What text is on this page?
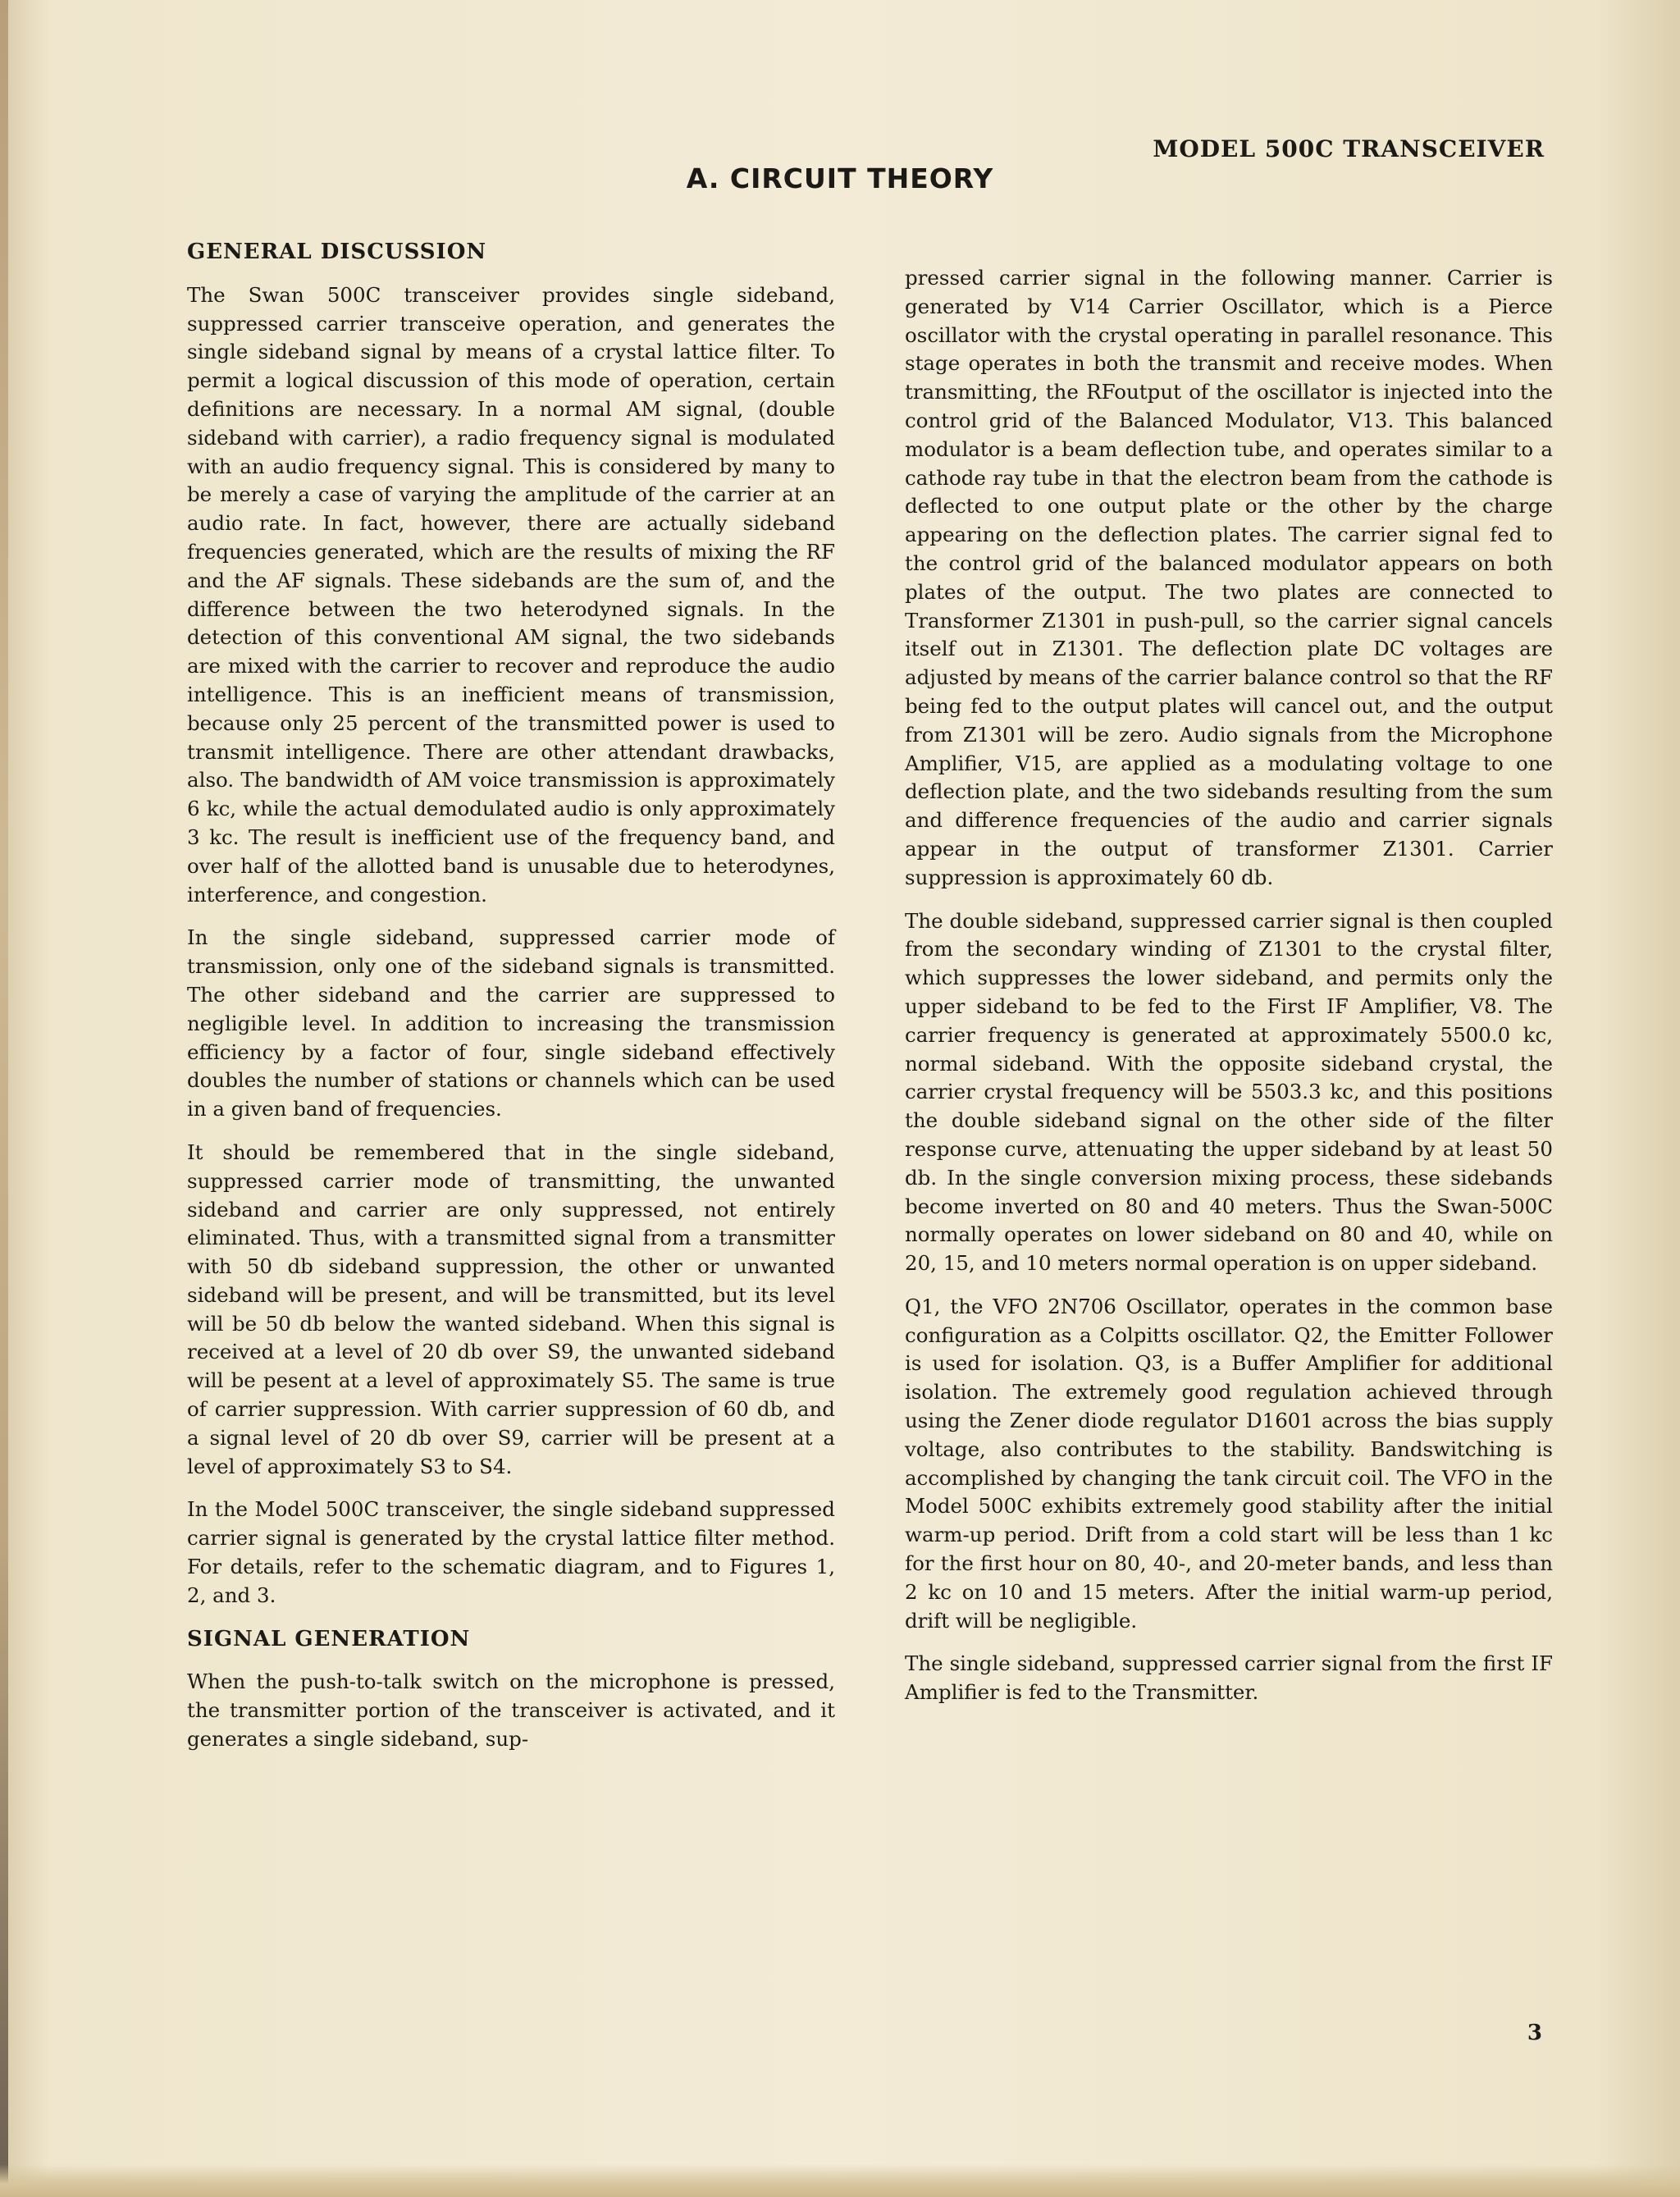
MODEL 500C TRANSCEIVER
A. CIRCUIT THEORY
GENERAL DISCUSSION

The Swan 500C transceiver provides single sideband, suppressed carrier transceive operation, and generates the single sideband signal by means of a crystal lattice filter. To permit a logical discussion of this mode of operation, certain definitions are necessary. In a normal AM signal, (double sideband with carrier), a radio frequency signal is modulated with an audio frequency signal. This is considered by many to be merely a case of varying the amplitude of the carrier at an audio rate. In fact, however, there are actually sideband frequencies generated, which are the results of mixing the RF and the AF signals. These sidebands are the sum of, and the difference between the two heterodyned signals. In the detection of this conventional AM signal, the two sidebands are mixed with the carrier to recover and reproduce the audio intelligence. This is an inefficient means of transmission, because only 25 percent of the transmitted power is used to transmit intelligence. There are other attendant drawbacks, also. The bandwidth of AM voice transmission is approximately 6 kc, while the actual demodulated audio is only approximately 3 kc. The result is inefficient use of the frequency band, and over half of the allotted band is unusable due to heterodynes, interference, and congestion.

In the single sideband, suppressed carrier mode of transmission, only one of the sideband signals is transmitted. The other sideband and the carrier are suppressed to negligible level. In addition to increasing the transmission efficiency by a factor of four, single sideband effectively doubles the number of stations or channels which can be used in a given band of frequencies.

It should be remembered that in the single sideband, suppressed carrier mode of transmitting, the unwanted sideband and carrier are only suppressed, not entirely eliminated. Thus, with a transmitted signal from a transmitter with 50 db sideband suppression, the other or unwanted sideband will be present, and will be transmitted, but its level will be 50 db below the wanted sideband. When this signal is received at a level of 20 db over S9, the unwanted sideband will be pesent at a level of approximately S5. The same is true of carrier suppression. With carrier suppression of 60 db, and a signal level of 20 db over S9, carrier will be present at a level of approximately S3 to S4.

In the Model 500C transceiver, the single sideband suppressed carrier signal is generated by the crystal lattice filter method. For details, refer to the schematic diagram, and to Figures 1, 2, and 3.

SIGNAL GENERATION

When the push-to-talk switch on the microphone is pressed, the transmitter portion of the transceiver is activated, and it generates a single sideband, sup-

pressed carrier signal in the following manner. Carrier is generated by V14 Carrier Oscillator, which is a Pierce oscillator with the crystal operating in parallel resonance. This stage operates in both the transmit and receive modes. When transmitting, the RFoutput of the oscillator is injected into the control grid of the Balanced Modulator, V13. This balanced modulator is a beam deflection tube, and operates similar to a cathode ray tube in that the electron beam from the cathode is deflected to one output plate or the other by the charge appearing on the deflection plates. The carrier signal fed to the control grid of the balanced modulator appears on both plates of the output. The two plates are connected to Transformer Z1301 in push-pull, so the carrier signal cancels itself out in Z1301. The deflection plate DC voltages are adjusted by means of the carrier balance control so that the RF being fed to the output plates will cancel out, and the output from Z1301 will be zero. Audio signals from the Microphone Amplifier, V15, are applied as a modulating voltage to one deflection plate, and the two sidebands resulting from the sum and difference frequencies of the audio and carrier signals appear in the output of transformer Z1301. Carrier suppression is approximately 60 db.

The double sideband, suppressed carrier signal is then coupled from the secondary winding of Z1301 to the crystal filter, which suppresses the lower sideband, and permits only the upper sideband to be fed to the First IF Amplifier, V8. The carrier frequency is generated at approximately 5500.0 kc, normal sideband. With the opposite sideband crystal, the carrier crystal frequency will be 5503.3 kc, and this positions the double sideband signal on the other side of the filter response curve, attenuating the upper sideband by at least 50 db. In the single conversion mixing process, these sidebands become inverted on 80 and 40 meters. Thus the Swan-500C normally operates on lower sideband on 80 and 40, while on 20, 15, and 10 meters normal operation is on upper sideband.

Q1, the VFO 2N706 Oscillator, operates in the common base configuration as a Colpitts oscillator. Q2, the Emitter Follower is used for isolation. Q3, is a Buffer Amplifier for additional isolation. The extremely good regulation achieved through using the Zener diode regulator D1601 across the bias supply voltage, also contributes to the stability. Bandswitching is accomplished by changing the tank circuit coil. The VFO in the Model 500C exhibits extremely good stability after the initial warm-up period. Drift from a cold start will be less than 1 kc for the first hour on 80, 40-, and 20-meter bands, and less than 2 kc on 10 and 15 meters. After the initial warm-up period, drift will be negligible.

The single sideband, suppressed carrier signal from the first IF Amplifier is fed to the Transmitter.

3
